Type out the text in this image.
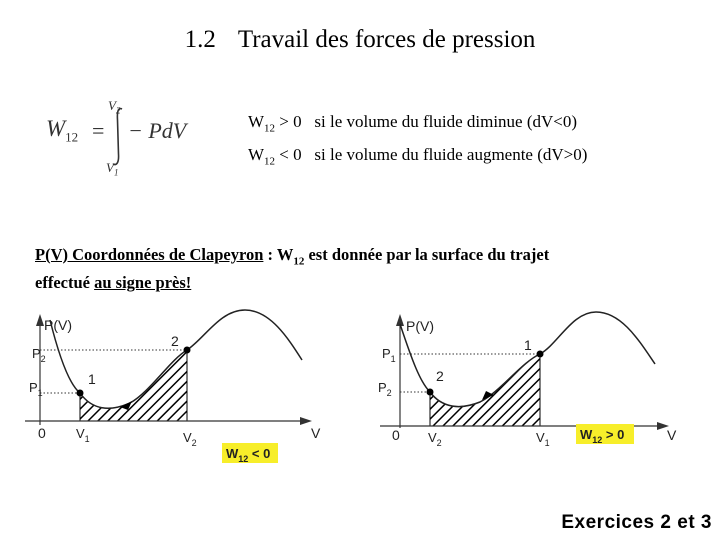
1.2 Travail des forces de pression
$W_{12}$ =
$V_2$
$V_1$
− PdV	$W_{12} > 0$ si le volume du fluide diminue (dV<0)
$W_{12} < 0$ si le volume du fluide augmente (dV>0)
P(V) Coordonnées de Clapeyron : $W_{12}$ est donnée par la surface du trajet
effectué au signe près!
P(V)
V
0
$P_2$
$P_1$
$V_1$	$V_2$
1
2
$W_{12} < 0$
P(V)
V
0
$P_1$
$P_2$
$V_2$	$V_1$
2
1
$W_{12} > 0$
Exercices 2 et 3
